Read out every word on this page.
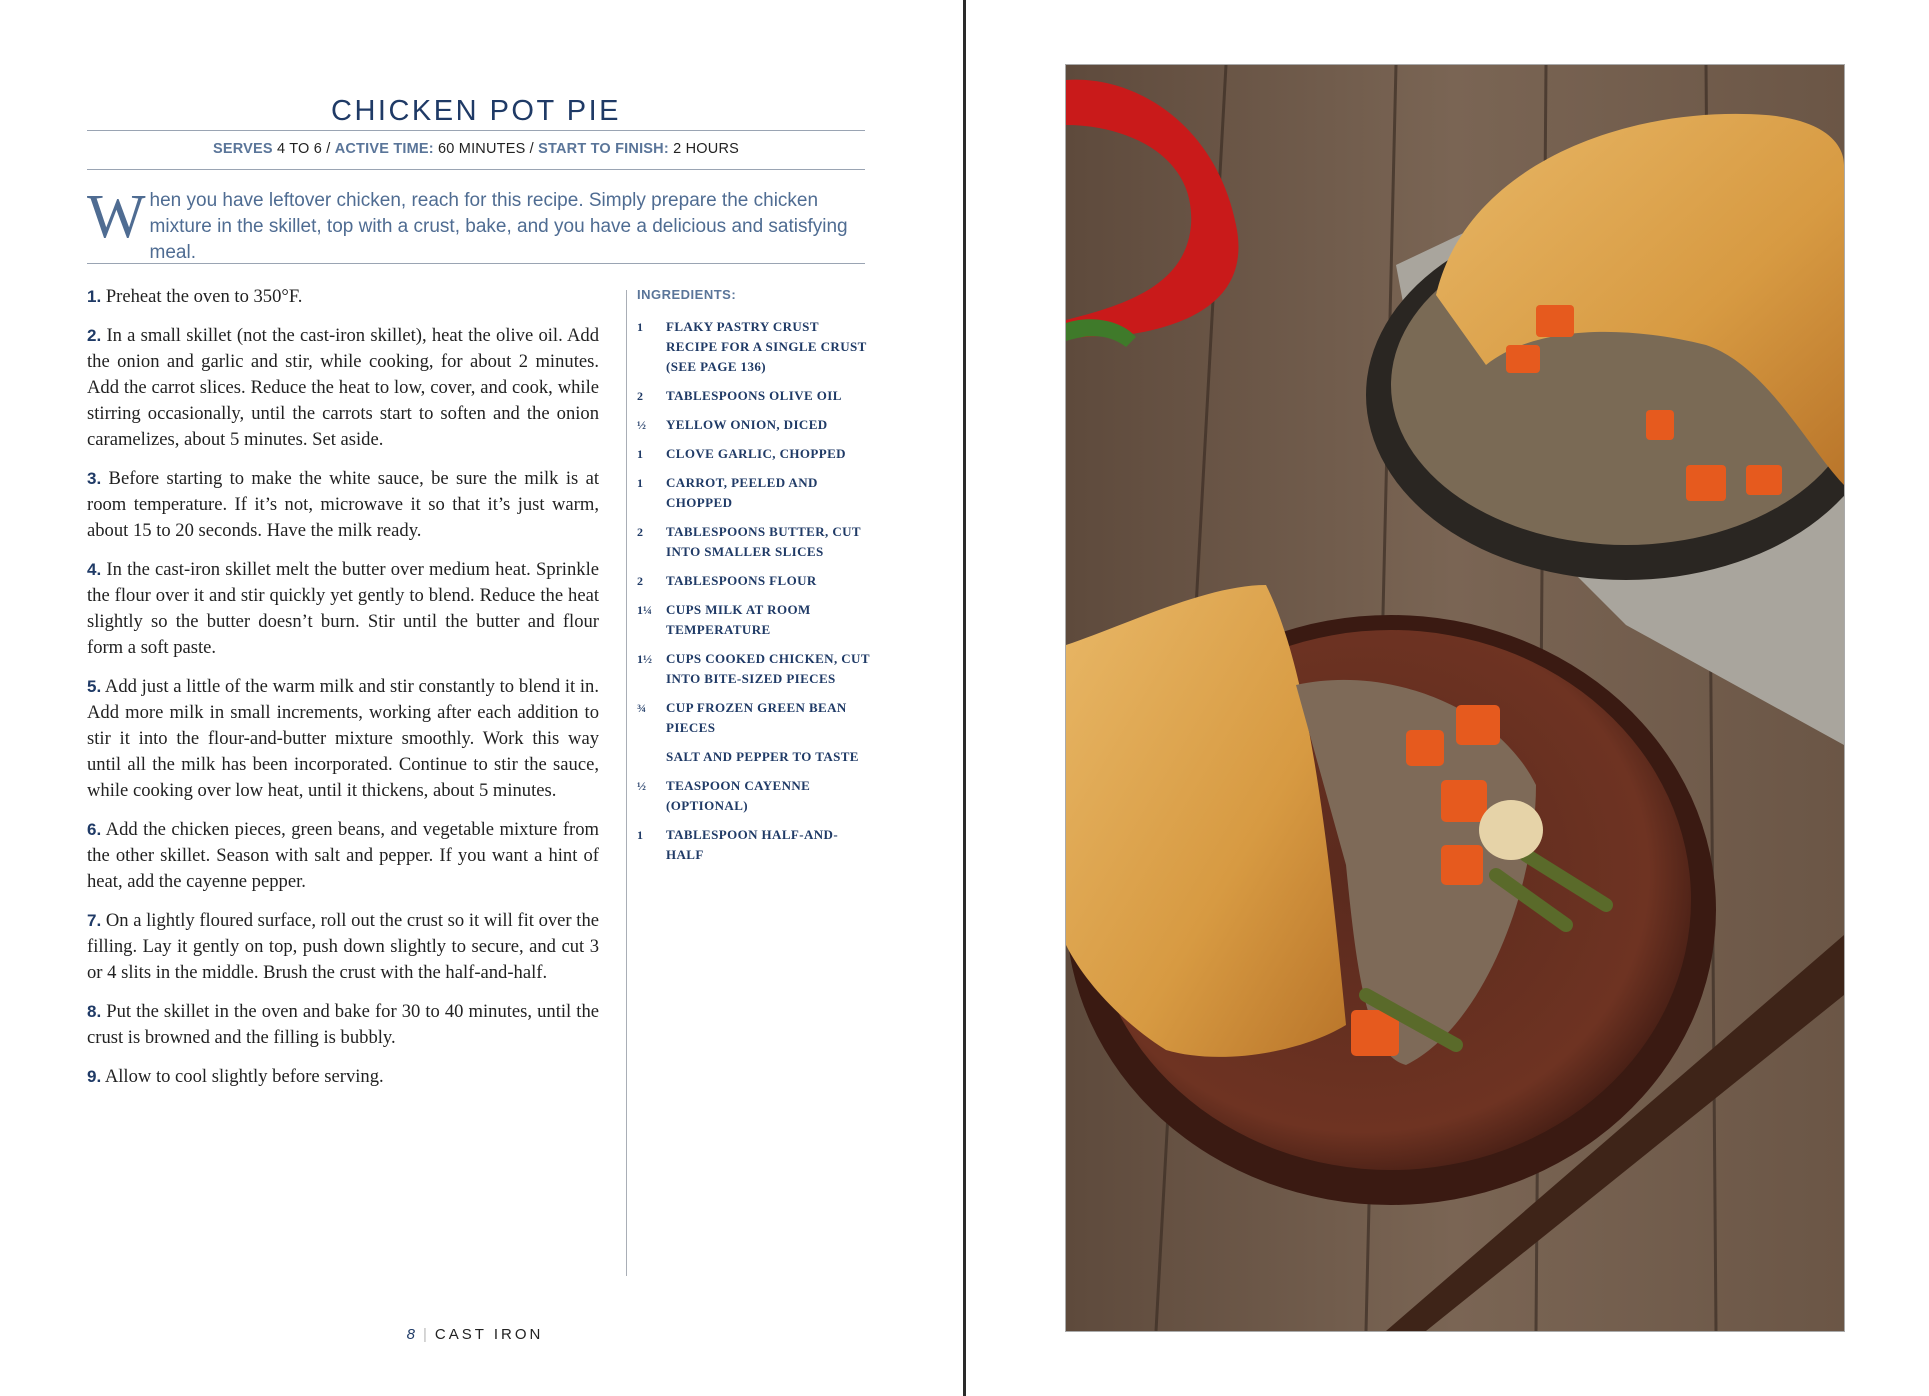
CHICKEN POT PIE
SERVES 4 TO 6 / ACTIVE TIME: 60 MINUTES / START TO FINISH: 2 HOURS
W hen you have leftover chicken, reach for this recipe. Simply prepare the chicken mixture in the skillet, top with a crust, bake, and you have a delicious and satisfying meal.

1. Preheat the oven to 350°F.

2. In a small skillet (not the cast-iron skillet), heat the olive oil. Add the onion and garlic and stir, while cooking, for about 2 minutes. Add the carrot slices. Reduce the heat to low, cover, and cook, while stirring occasionally, until the carrots start to soften and the onion caramelizes, about 5 minutes. Set aside.

3. Before starting to make the white sauce, be sure the milk is at room temperature. If it’s not, microwave it so that it’s just warm, about 15 to 20 seconds. Have the milk ready.

4. In the cast-iron skillet melt the butter over medium heat. Sprinkle the flour over it and stir quickly yet gently to blend. Reduce the heat slightly so the butter doesn’t burn. Stir until the butter and flour form a soft paste.

5. Add just a little of the warm milk and stir constantly to blend it in. Add more milk in small increments, working after each addition to stir it into the flour-and-butter mixture smoothly. Work this way until all the milk has been incorporated. Continue to stir the sauce, while cooking over low heat, until it thickens, about 5 minutes.

6. Add the chicken pieces, green beans, and vegetable mixture from the other skillet. Season with salt and pepper. If you want a hint of heat, add the cayenne pepper.

7. On a lightly floured surface, roll out the crust so it will fit over the filling. Lay it gently on top, push down slightly to secure, and cut 3 or 4 slits in the middle. Brush the crust with the half-and-half.

8. Put the skillet in the oven and bake for 30 to 40 minutes, until the crust is browned and the filling is bubbly.

9. Allow to cool slightly before serving.

INGREDIENTS:
1	FLAKY PASTRY CRUST RECIPE FOR A SINGLE CRUST (SEE PAGE 136)
2	TABLESPOONS OLIVE OIL
½	YELLOW ONION, DICED
1	CLOVE GARLIC, CHOPPED
1	CARROT, PEELED AND CHOPPED
2	TABLESPOONS BUTTER, CUT INTO SMALLER SLICES
2	TABLESPOONS FLOUR
1¼	CUPS MILK AT ROOM TEMPERATURE
1½	CUPS COOKED CHICKEN, CUT INTO BITE-SIZED PIECES
¾	CUP FROZEN GREEN BEAN PIECES
SALT AND PEPPER TO TASTE
½	TEASPOON CAYENNE (OPTIONAL)
1	TABLESPOON HALF-AND-HALF
8 | CAST IRON
